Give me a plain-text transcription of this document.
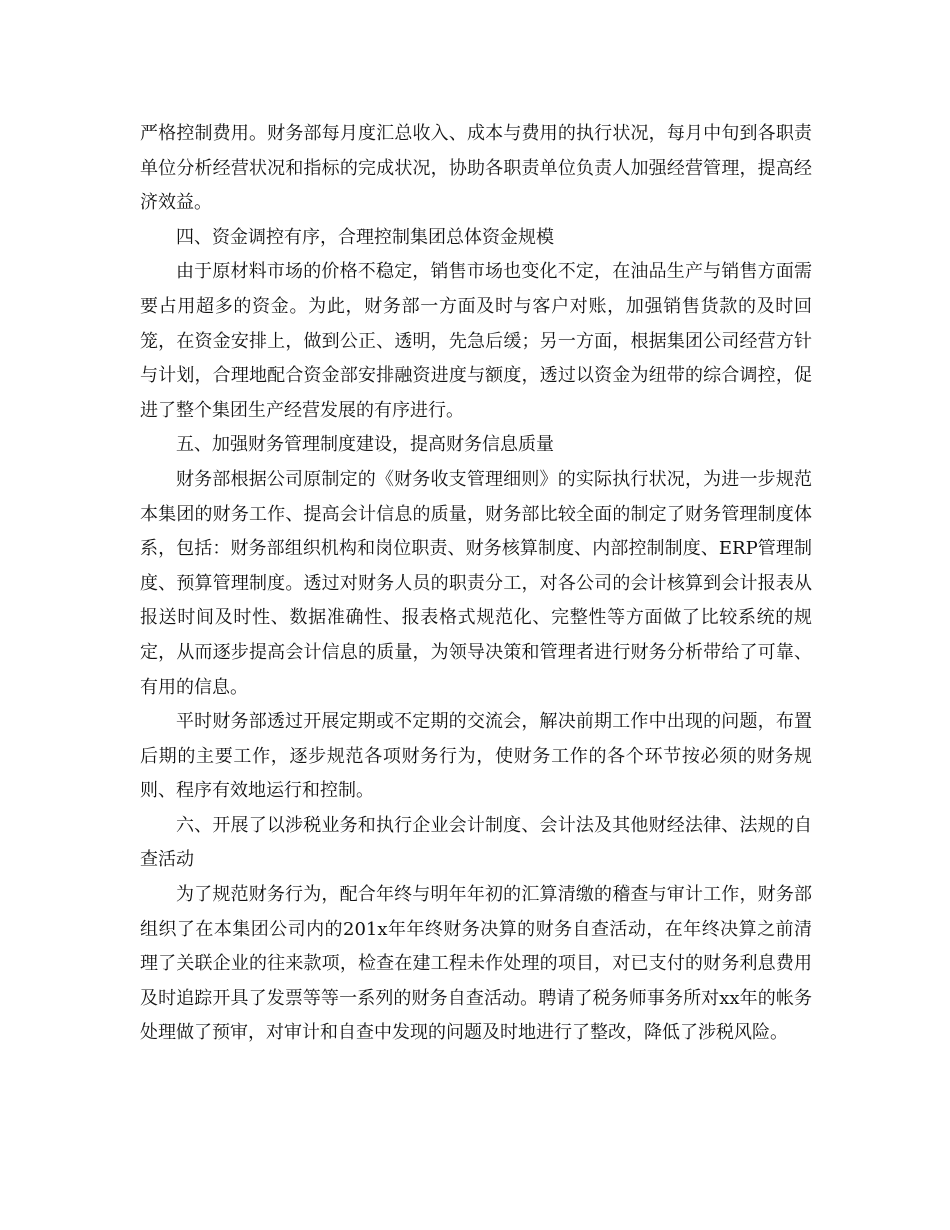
严格控制费用。财务部每月度汇总收入、成本与费用的执行状况，每月中旬到各职责单位分析经营状况和指标的完成状况，协助各职责单位负责人加强经营管理，提高经济效益。

四、资金调控有序，合理控制集团总体资金规模

由于原材料市场的价格不稳定，销售市场也变化不定，在油品生产与销售方面需要占用超多的资金。为此，财务部一方面及时与客户对账，加强销售货款的及时回笼，在资金安排上，做到公正、透明，先急后缓；另一方面，根据集团公司经营方针与计划，合理地配合资金部安排融资进度与额度，透过以资金为纽带的综合调控，促进了整个集团生产经营发展的有序进行。

五、加强财务管理制度建设，提高财务信息质量

财务部根据公司原制定的《财务收支管理细则》的实际执行状况，为进一步规范本集团的财务工作、提高会计信息的质量，财务部比较全面的制定了财务管理制度体系，包括：财务部组织机构和岗位职责、财务核算制度、内部控制制度、ERP管理制度、预算管理制度。透过对财务人员的职责分工，对各公司的会计核算到会计报表从报送时间及时性、数据准确性、报表格式规范化、完整性等方面做了比较系统的规定，从而逐步提高会计信息的质量，为领导决策和管理者进行财务分析带给了可靠、有用的信息。

平时财务部透过开展定期或不定期的交流会，解决前期工作中出现的问题，布置后期的主要工作，逐步规范各项财务行为，使财务工作的各个环节按必须的财务规则、程序有效地运行和控制。

六、开展了以涉税业务和执行企业会计制度、会计法及其他财经法律、法规的自查活动

为了规范财务行为，配合年终与明年年初的汇算清缴的稽查与审计工作，财务部组织了在本集团公司内的201x年年终财务决算的财务自查活动，在年终决算之前清理了关联企业的往来款项，检查在建工程未作处理的项目，对已支付的财务利息费用及时追踪开具了发票等等一系列的财务自查活动。聘请了税务师事务所对xx年的帐务处理做了预审，对审计和自查中发现的问题及时地进行了整改，降低了涉税风险。
